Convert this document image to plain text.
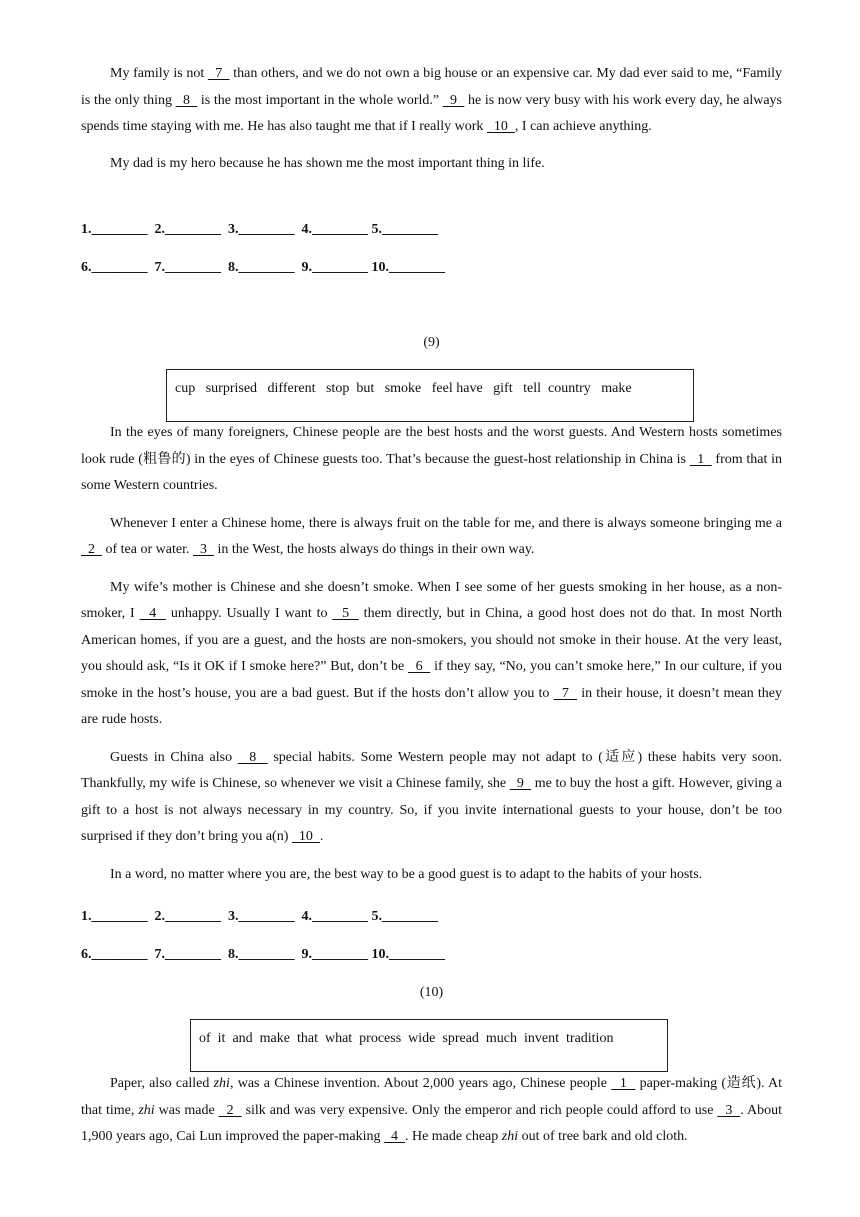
My family is not   7   than others, and we do not own a big house or an expensive car. My dad ever said to me, “Family is the only thing   8   is the most important in the whole world.”   9   he is now very busy with his work every day, he always spends time staying with me. He has also taught me that if I really work   10  , I can achieve anything.

My dad is my hero because he has shown me the most important thing in life.

1.________  2.________  3.________  4.________ 5.________
6.________  7.________  8.________  9.________ 10.________
(9)
cup   surprised   different   stop  but   smoke   feel have   gift   tell  country   make

In the eyes of many foreigners, Chinese people are the best hosts and the worst guests. And Western hosts sometimes look rude (粗鲁的) in the eyes of Chinese guests too. That’s because the guest-host relationship in China is   1   from that in some Western countries.

Whenever I enter a Chinese home, there is always fruit on the table for me, and there is always someone bringing me a   2   of tea or water.   3   in the West, the hosts always do things in their own way.

My wife’s mother is Chinese and she doesn’t smoke. When I see some of her guests smoking in her house, as a non-smoker, I   4   unhappy. Usually I want to   5   them directly, but in China, a good host does not do that. In most North American homes, if you are a guest, and the hosts are non-smokers, you should not smoke in their house. At the very least, you should ask, “Is it OK if I smoke here?” But, don’t be   6   if they say, “No, you can’t smoke here,” In our culture, if you smoke in the host’s house, you are a bad guest. But if the hosts don’t allow you to   7   in their house, it doesn’t mean they are rude hosts.

Guests in China also   8   special habits. Some Western people may not adapt to (适应) these habits very soon. Thankfully, my wife is Chinese, so whenever we visit a Chinese family, she   9   me to buy the host a gift. However, giving a gift to a host is not always necessary in my country. So, if you invite international guests to your house, don’t be too surprised if they don’t bring you a(n)   10  .

In a word, no matter where you are, the best way to be a good guest is to adapt to the habits of your hosts.

1.________  2.________  3.________  4.________ 5.________
6.________  7.________  8.________  9.________ 10.________
(10)
of  it  and  make  that  what  process  wide  spread  much  invent  tradition

Paper, also called zhi, was a Chinese invention. About 2,000 years ago, Chinese people   1   paper-making (造纸). At that time, zhi was made   2   silk and was very expensive. Only the emperor and rich people could afford to use   3  . About 1,900 years ago, Cai Lun improved the paper-making   4  . He made cheap zhi out of tree bark and old cloth.
